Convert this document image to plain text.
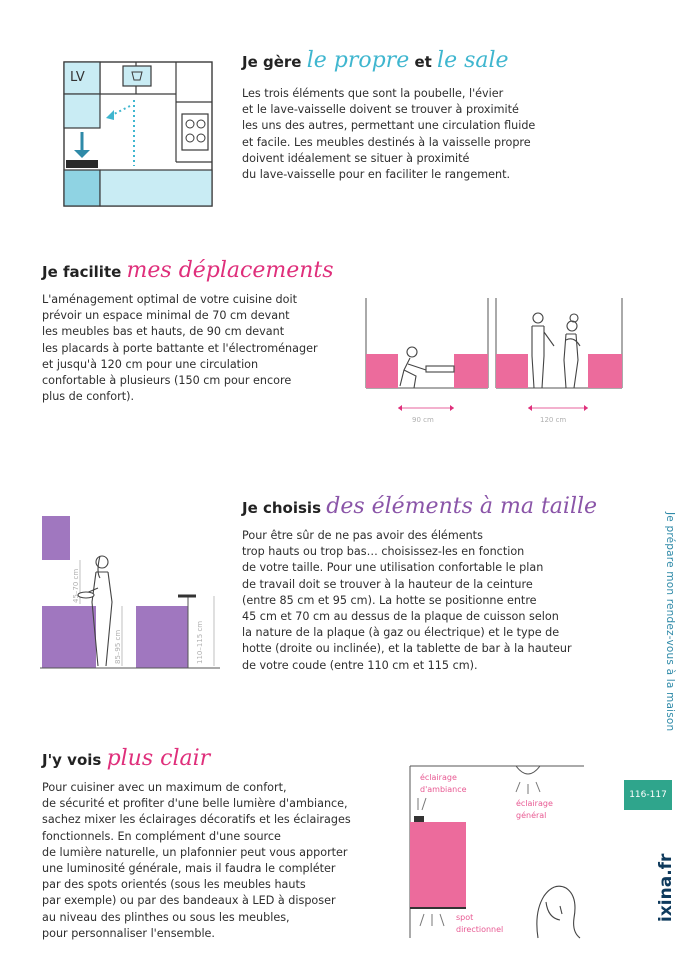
LV
Je gère le propre et le sale
Les trois éléments que sont la poubelle, l'évier
et le lave-vaisselle doivent se trouver à proximité
les uns des autres, permettant une circulation fluide
et facile. Les meubles destinés à la vaisselle propre
doivent idéalement se situer à proximité
du lave-vaisselle pour en faciliter le rangement.
Je facilite mes déplacements
L'aménagement optimal de votre cuisine doit
prévoir un espace minimal de 70 cm devant
les meubles bas et hauts, de 90 cm devant
les placards à porte battante et l'électroménager
et jusqu'à 120 cm pour une circulation
confortable à plusieurs (150 cm pour encore
plus de confort).
90 cm	120 cm
45–70 cm
85–95 cm	110–115 cm
Je choisis des éléments à ma taille
Pour être sûr de ne pas avoir des éléments
trop hauts ou trop bas… choisissez-les en fonction
de votre taille. Pour une utilisation confortable le plan
de travail doit se trouver à la hauteur de la ceinture
(entre 85 cm et 95 cm). La hotte se positionne entre
45 cm et 70 cm au dessus de la plaque de cuisson selon
la nature de la plaque (à gaz ou électrique) et le type de
hotte (droite ou inclinée), et la tablette de bar à la hauteur
de votre coude (entre 110 cm et 115 cm).
J'y vois plus clair
Pour cuisiner avec un maximum de confort,
de sécurité et profiter d'une belle lumière d'ambiance,
sachez mixer les éclairages décoratifs et les éclairages
fonctionnels. En complément d'une source
de lumière naturelle, un plafonnier peut vous apporter
une luminosité générale, mais il faudra le compléter
par des spots orientés (sous les meubles hauts
par exemple) ou par des bandeaux à LED à disposer
au niveau des plinthes ou sous les meubles,
pour personnaliser l'ensemble.
éclairage
d'ambiance
éclairage
général
spot
directionnel
Je prépare mon rendez-vous à la maison
116-117
ixina.fr
